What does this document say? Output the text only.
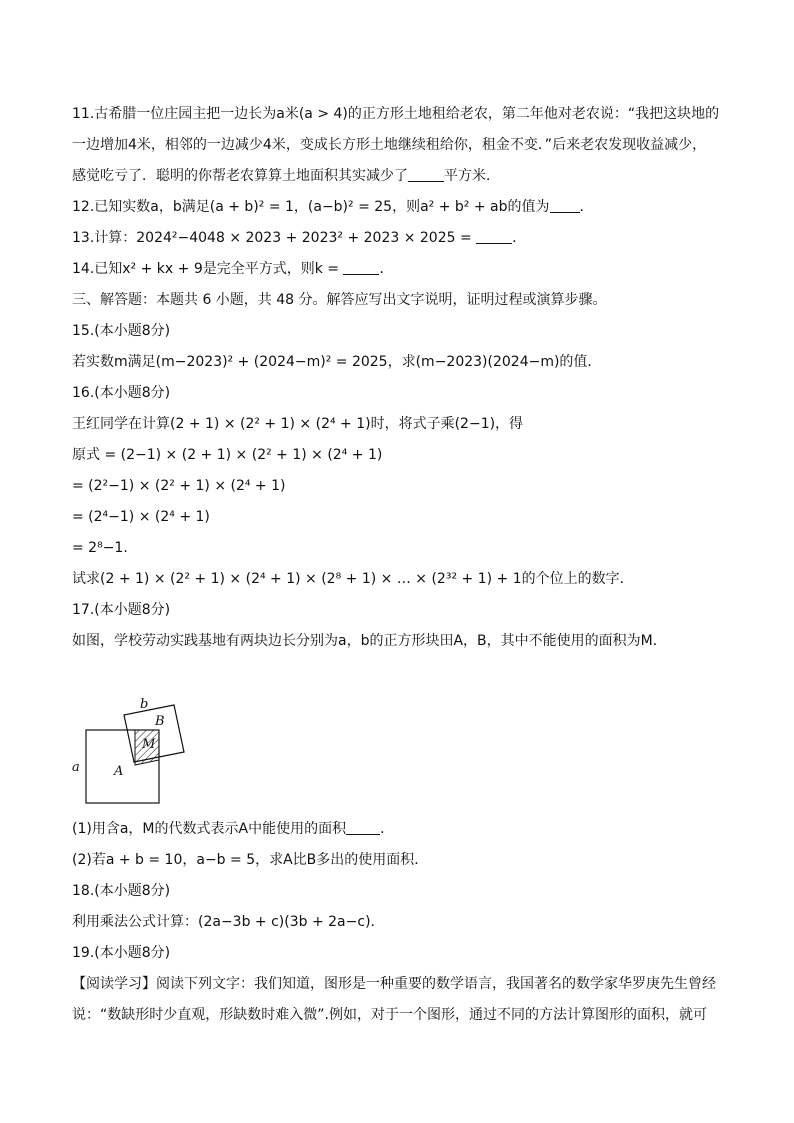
11.古希腊一位庄园主把一边长为a米(a > 4)的正方形土地租给老农，第二年他对老农说：“我把这块地的
一边增加4米，相邻的一边减少4米，变成长方形土地继续租给你，租金不变．”后来老农发现收益减少，
感觉吃亏了．聪明的你帮老农算算土地面积其实减少了	平方米．
12.已知实数a，b满足(a + b)² = 1，(a−b)² = 25，则a² + b² + ab的值为 ．
13.计算：2024²−4048 × 2023 + 2023² + 2023 × 2025 =	．
14.已知x² + kx + 9是完全平方式，则k =	．
三、解答题：本题共 6 小题，共 48 分。解答应写出文字说明，证明过程或演算步骤。
15.(本小题8分)
若实数m满足(m−2023)² + (2024−m)² = 2025，求(m−2023)(2024−m)的值．
16.(本小题8分)
王红同学在计算(2 + 1) × (2² + 1) × (2⁴ + 1)时，将式子乘(2−1)，得
原式 = (2−1) × (2 + 1) × (2² + 1) × (2⁴ + 1)
= (2²−1) × (2² + 1) × (2⁴ + 1)
= (2⁴−1) × (2⁴ + 1)
= 2⁸−1.
试求(2 + 1) × (2² + 1) × (2⁴ + 1) × (2⁸ + 1) × … × (2³² + 1) + 1的个位上的数字．
17.(本小题8分)
如图，学校劳动实践基地有两块边长分别为a，b的正方形块田A，B，其中不能使用的面积为M．
b
B
M
a	A
(1)用含a，M的代数式表示A中能使用的面积 ．
(2)若a + b = 10，a−b = 5，求A比B多出的使用面积．
18.(本小题8分)
利用乘法公式计算：(2a−3b + c)(3b + 2a−c)．
19.(本小题8分)
【阅读学习】阅读下列文字：我们知道，图形是一种重要的数学语言，我国著名的数学家华罗庚先生曾经
说：“数缺形时少直观，形缺数时难入微”.例如，对于一个图形，通过不同的方法计算图形的面积，就可
